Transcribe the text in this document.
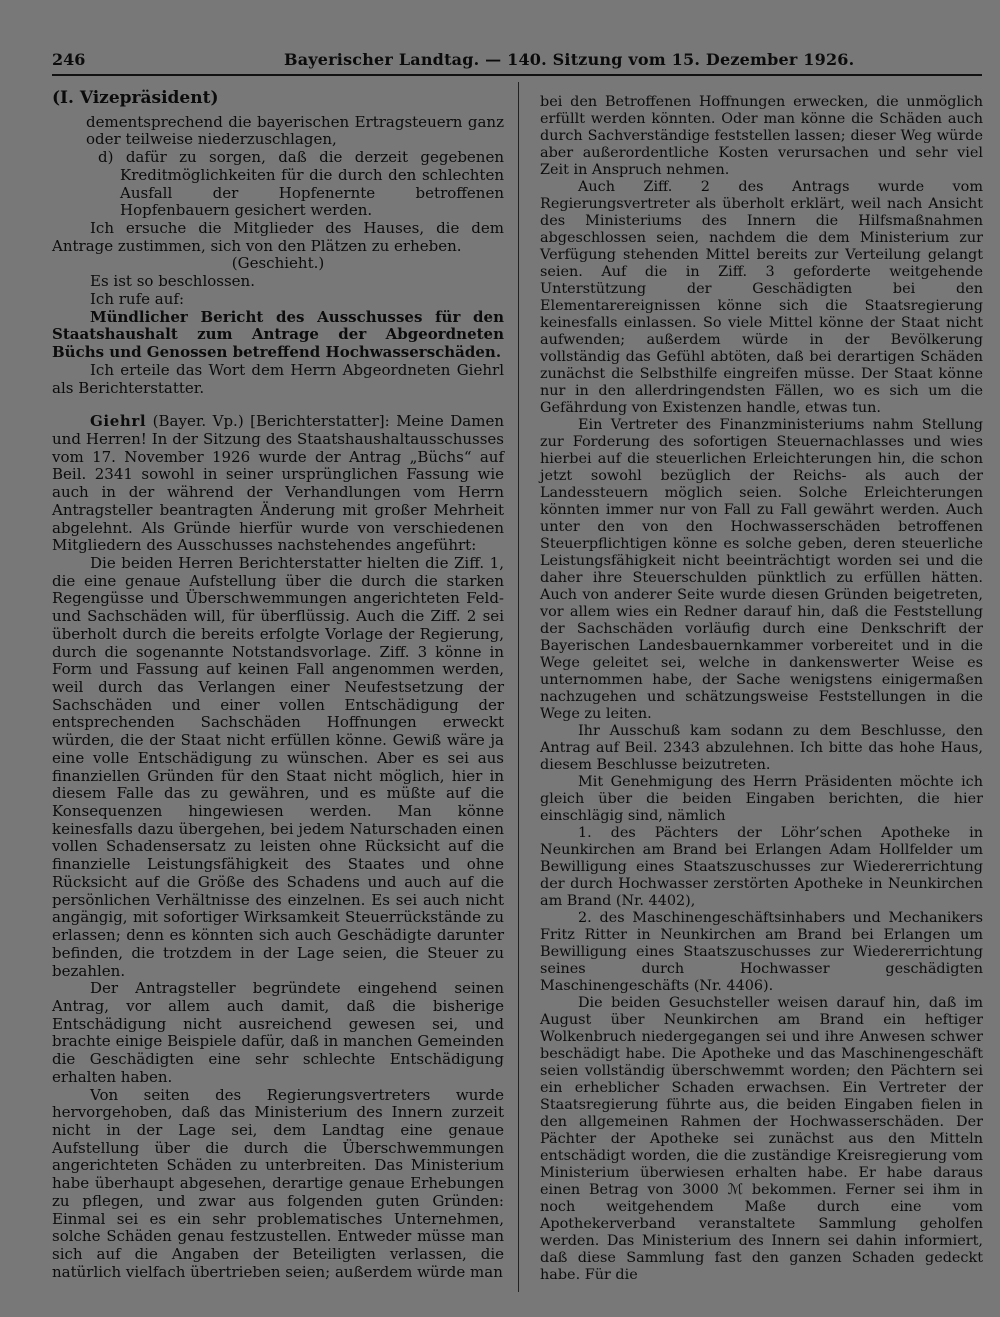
246	Bayerischer Landtag. — 140. Sitzung vom 15. Dezember 1926.

(I. Vizepräsident)

dementsprechend die bayerischen Ertragsteuern ganz oder teilweise niederzuschlagen,

d) dafür zu sorgen, daß die derzeit gegebenen Kreditmöglichkeiten für die durch den schlechten Ausfall der Hopfenernte betroffenen Hopfenbauern gesichert werden.

Ich ersuche die Mitglieder des Hauses, die dem Antrage zustimmen, sich von den Plätzen zu erheben.

(Geschieht.)

Es ist so beschlossen.

Ich rufe auf:

Mündlicher Bericht des Ausschusses für den Staatshaushalt zum Antrage der Abgeordneten Büchs und Genossen betreffend Hochwasserschäden.

Ich erteile das Wort dem Herrn Abgeordneten Giehrl als Berichterstatter.

Giehrl (Bayer. Vp.) [Berichterstatter]: Meine Damen und Herren! In der Sitzung des Staatshaushaltausschusses vom 17. November 1926 wurde der Antrag „Büchs“ auf Beil. 2341 sowohl in seiner ursprünglichen Fassung wie auch in der während der Verhandlungen vom Herrn Antragsteller beantragten Änderung mit großer Mehrheit abgelehnt. Als Gründe hierfür wurde von verschiedenen Mitgliedern des Ausschusses nachstehendes angeführt:

Die beiden Herren Berichterstatter hielten die Ziff. 1, die eine genaue Aufstellung über die durch die starken Regengüsse und Überschwemmungen angerichteten Feld- und Sachschäden will, für überflüssig. Auch die Ziff. 2 sei überholt durch die bereits erfolgte Vorlage der Regierung, durch die sogenannte Notstandsvorlage. Ziff. 3 könne in Form und Fassung auf keinen Fall angenommen werden, weil durch das Verlangen einer Neufestsetzung der Sachschäden und einer vollen Entschädigung der entsprechenden Sachschäden Hoffnungen erweckt würden, die der Staat nicht erfüllen könne. Gewiß wäre ja eine volle Entschädigung zu wünschen. Aber es sei aus finanziellen Gründen für den Staat nicht möglich, hier in diesem Falle das zu gewähren, und es müßte auf die Konsequenzen hingewiesen werden. Man könne keinesfalls dazu übergehen, bei jedem Naturschaden einen vollen Schadensersatz zu leisten ohne Rücksicht auf die finanzielle Leistungsfähigkeit des Staates und ohne Rücksicht auf die Größe des Schadens und auch auf die persönlichen Verhältnisse des einzelnen. Es sei auch nicht angängig, mit sofortiger Wirksamkeit Steuerrückstände zu erlassen; denn es könnten sich auch Geschädigte darunter befinden, die trotzdem in der Lage seien, die Steuer zu bezahlen.

Der Antragsteller begründete eingehend seinen Antrag, vor allem auch damit, daß die bisherige Entschädigung nicht ausreichend gewesen sei, und brachte einige Beispiele dafür, daß in manchen Gemeinden die Geschädigten eine sehr schlechte Entschädigung erhalten haben.

Von seiten des Regierungsvertreters wurde hervorgehoben, daß das Ministerium des Innern zurzeit nicht in der Lage sei, dem Landtag eine genaue Aufstellung über die durch die Überschwemmungen angerichteten Schäden zu unterbreiten. Das Ministerium habe überhaupt abgesehen, derartige genaue Erhebungen zu pflegen, und zwar aus folgenden guten Gründen: Einmal sei es ein sehr problematisches Unternehmen, solche Schäden genau festzustellen. Entweder müsse man sich auf die Angaben der Beteiligten verlassen, die natürlich vielfach übertrieben seien; außerdem würde man

bei den Betroffenen Hoffnungen erwecken, die unmöglich erfüllt werden könnten. Oder man könne die Schäden auch durch Sachverständige feststellen lassen; dieser Weg würde aber außerordentliche Kosten verursachen und sehr viel Zeit in Anspruch nehmen.

Auch Ziff. 2 des Antrags wurde vom Regierungsvertreter als überholt erklärt, weil nach Ansicht des Ministeriums des Innern die Hilfsmaßnahmen abgeschlossen seien, nachdem die dem Ministerium zur Verfügung stehenden Mittel bereits zur Verteilung gelangt seien. Auf die in Ziff. 3 geforderte weitgehende Unterstützung der Geschädigten bei den Elementarereignissen könne sich die Staatsregierung keinesfalls einlassen. So viele Mittel könne der Staat nicht aufwenden; außerdem würde in der Bevölkerung vollständig das Gefühl abtöten, daß bei derartigen Schäden zunächst die Selbsthilfe eingreifen müsse. Der Staat könne nur in den allerdringendsten Fällen, wo es sich um die Gefährdung von Existenzen handle, etwas tun.

Ein Vertreter des Finanzministeriums nahm Stellung zur Forderung des sofortigen Steuernachlasses und wies hierbei auf die steuerlichen Erleichterungen hin, die schon jetzt sowohl bezüglich der Reichs- als auch der Landessteuern möglich seien. Solche Erleichterungen könnten immer nur von Fall zu Fall gewährt werden. Auch unter den von den Hochwasserschäden betroffenen Steuerpflichtigen könne es solche geben, deren steuerliche Leistungsfähigkeit nicht beeinträchtigt worden sei und die daher ihre Steuerschulden pünktlich zu erfüllen hätten. Auch von anderer Seite wurde diesen Gründen beigetreten, vor allem wies ein Redner darauf hin, daß die Feststellung der Sachschäden vorläufig durch eine Denkschrift der Bayerischen Landesbauernkammer vorbereitet und in die Wege geleitet sei, welche in dankenswerter Weise es unternommen habe, der Sache wenigstens einigermaßen nachzugehen und schätzungsweise Feststellungen in die Wege zu leiten.

Ihr Ausschuß kam sodann zu dem Beschlusse, den Antrag auf Beil. 2343 abzulehnen. Ich bitte das hohe Haus, diesem Beschlusse beizutreten.

Mit Genehmigung des Herrn Präsidenten möchte ich gleich über die beiden Eingaben berichten, die hier einschlägig sind, nämlich

1. des Pächters der Löhr’schen Apotheke in Neunkirchen am Brand bei Erlangen Adam Hollfelder um Bewilligung eines Staatszuschusses zur Wiedererrichtung der durch Hochwasser zerstörten Apotheke in Neunkirchen am Brand (Nr. 4402),

2. des Maschinengeschäftsinhabers und Mechanikers Fritz Ritter in Neunkirchen am Brand bei Erlangen um Bewilligung eines Staatszuschusses zur Wiedererrichtung seines durch Hochwasser geschädigten Maschinengeschäfts (Nr. 4406).

Die beiden Gesuchsteller weisen darauf hin, daß im August über Neunkirchen am Brand ein heftiger Wolkenbruch niedergegangen sei und ihre Anwesen schwer beschädigt habe. Die Apotheke und das Maschinengeschäft seien vollständig überschwemmt worden; den Pächtern sei ein erheblicher Schaden erwachsen. Ein Vertreter der Staatsregierung führte aus, die beiden Eingaben fielen in den allgemeinen Rahmen der Hochwasserschäden. Der Pächter der Apotheke sei zunächst aus den Mitteln entschädigt worden, die die zuständige Kreisregierung vom Ministerium überwiesen erhalten habe. Er habe daraus einen Betrag von 3000 ℳ bekommen. Ferner sei ihm in noch weitgehendem Maße durch eine vom Apothekerverband veranstaltete Sammlung geholfen werden. Das Ministerium des Innern sei dahin informiert, daß diese Sammlung fast den ganzen Schaden gedeckt habe. Für die
